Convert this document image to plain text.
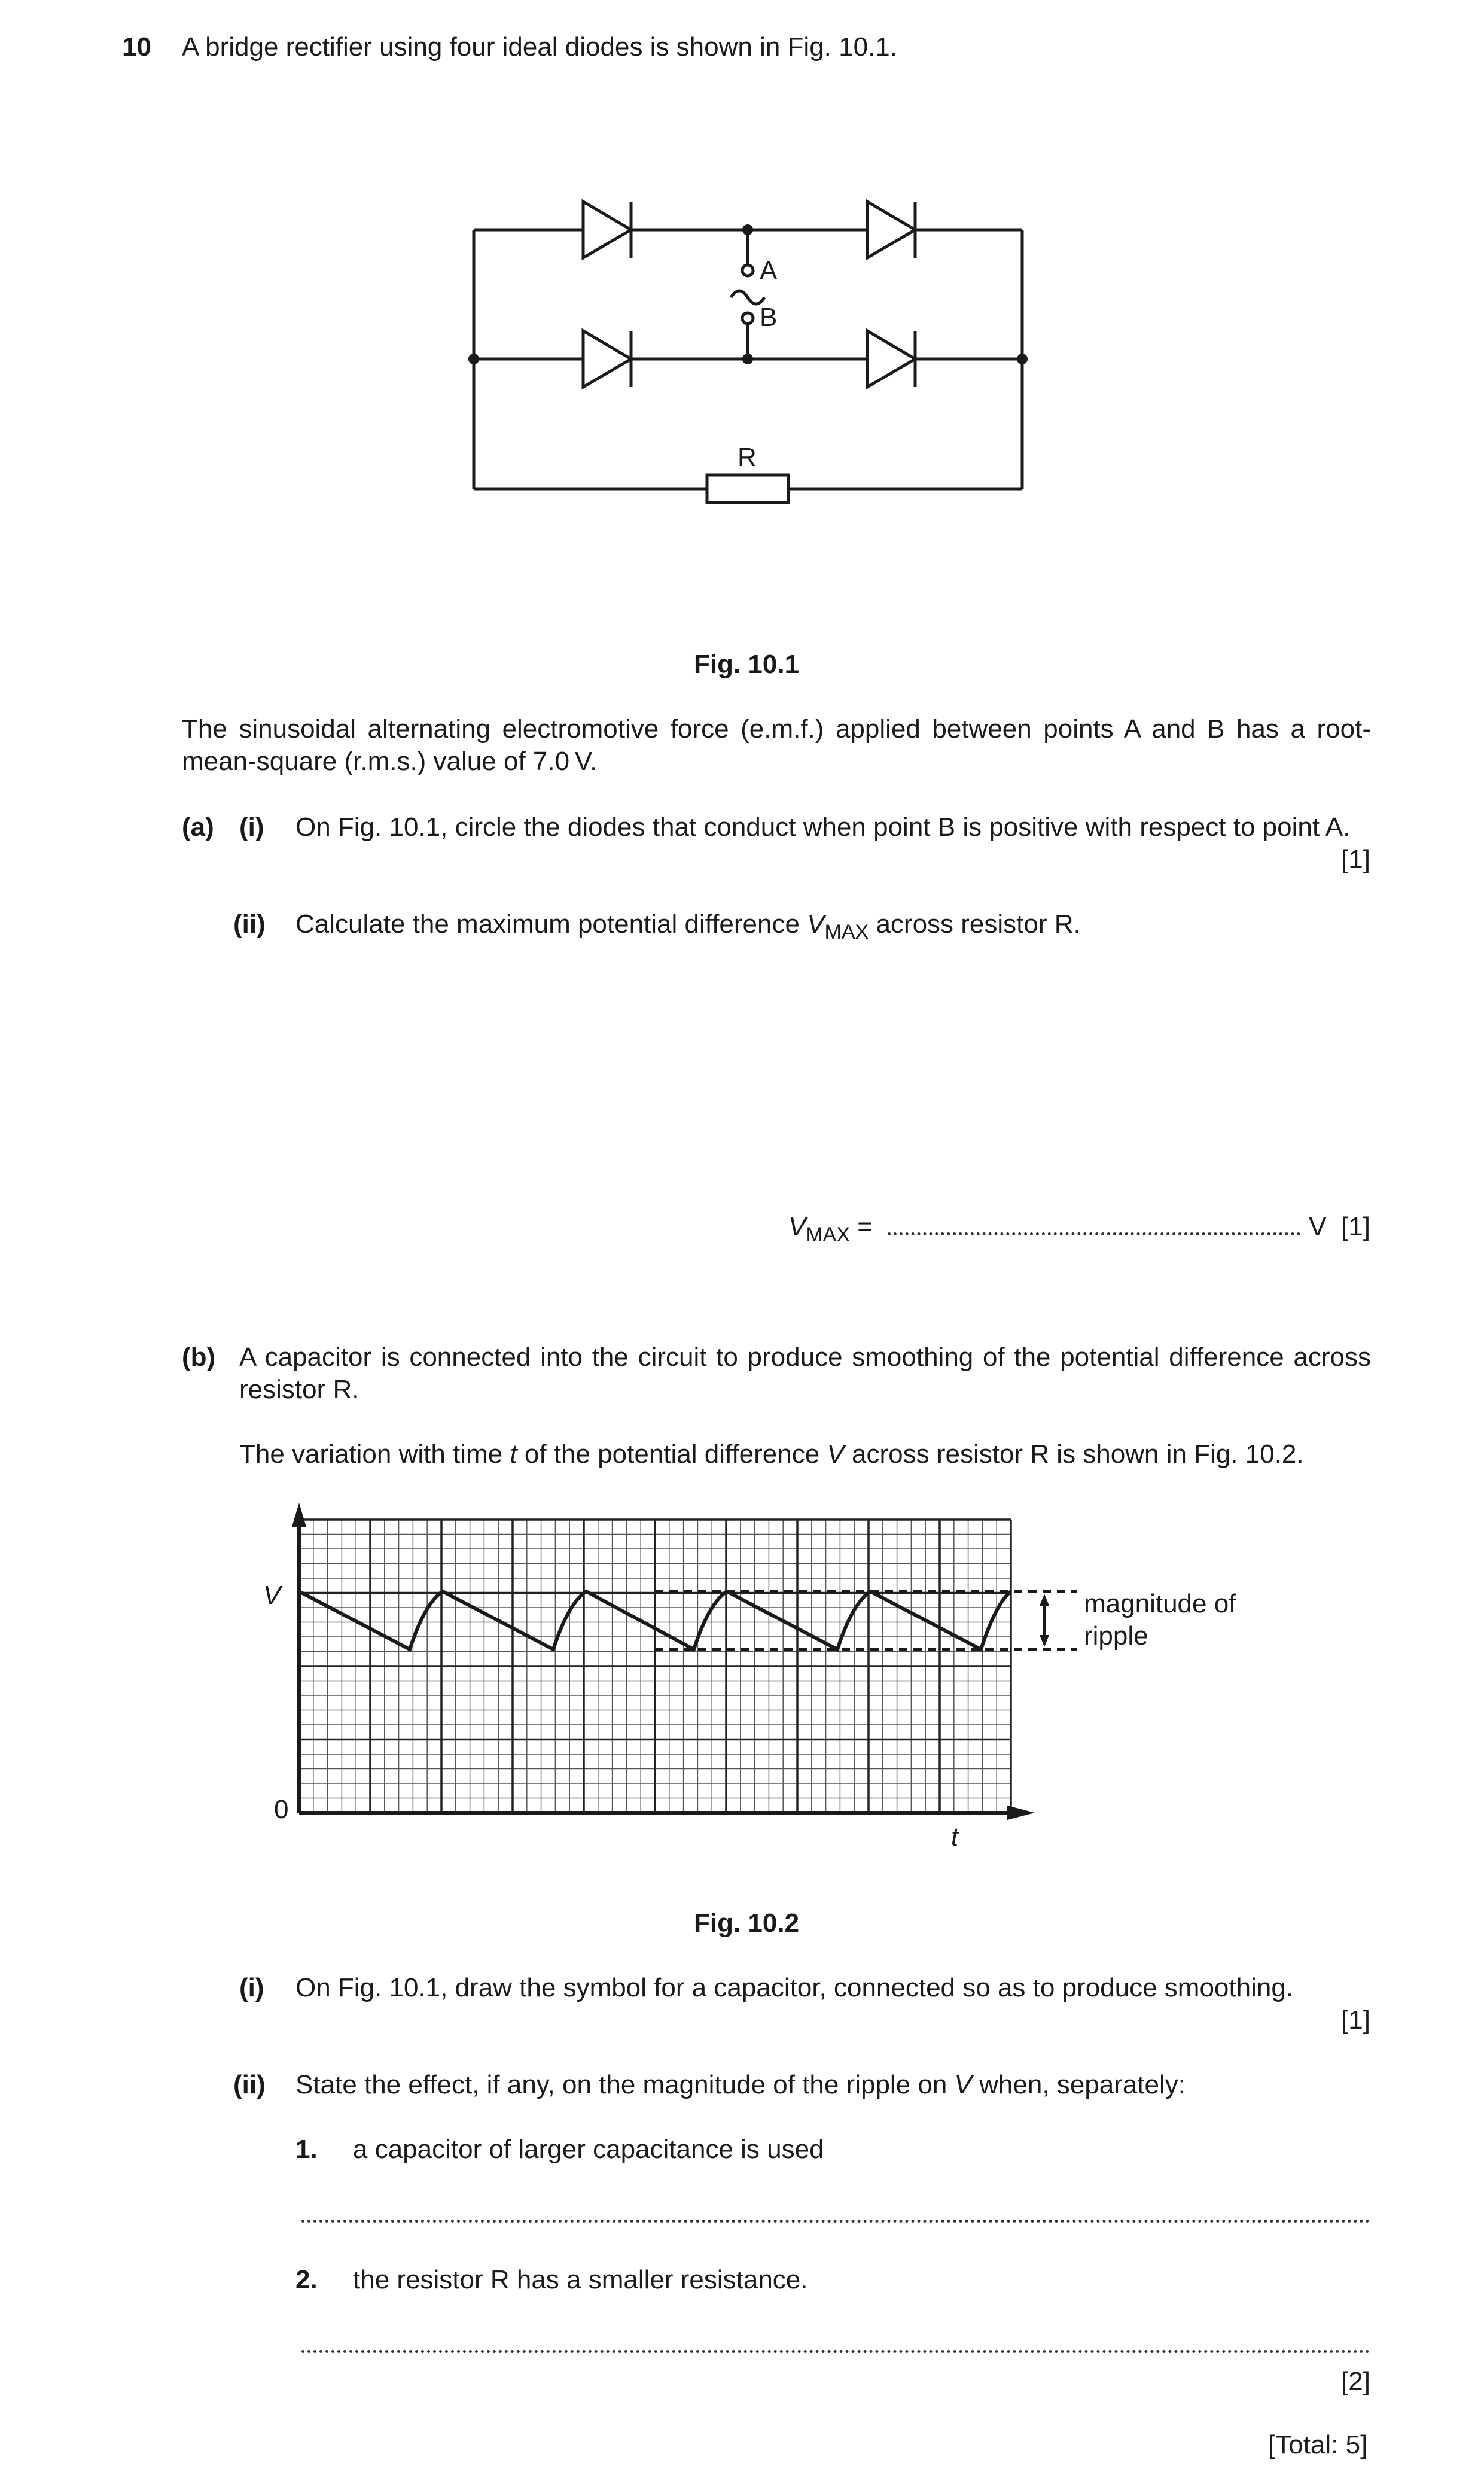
10 A bridge rectifier using four ideal diodes is shown in Fig. 10.1.
A
B
R
Fig. 10.1
The sinusoidal alternating electromotive force (e.m.f.) applied between points A and B has a root-mean-square (r.m.s.) value of 7.0 V.
(a) (i) On Fig. 10.1, circle the diodes that conduct when point B is positive with respect to point A.
[1]
(ii) Calculate the maximum potential difference $V_{MAX}$ across resistor R.
$V_{MAX}$ =	V [1]
(b) A capacitor is connected into the circuit to produce smoothing of the potential difference across resistor R.
The variation with time t of the potential difference V across resistor R is shown in Fig. 10.2.
V
0
t
magnitude of
ripple
Fig. 10.2
(i) On Fig. 10.1, draw the symbol for a capacitor, connected so as to produce smoothing.
[1]
(ii) State the effect, if any, on the magnitude of the ripple on V when, separately:
1. a capacitor of larger capacitance is used
2. the resistor R has a smaller resistance.
[2]
[Total: 5]
